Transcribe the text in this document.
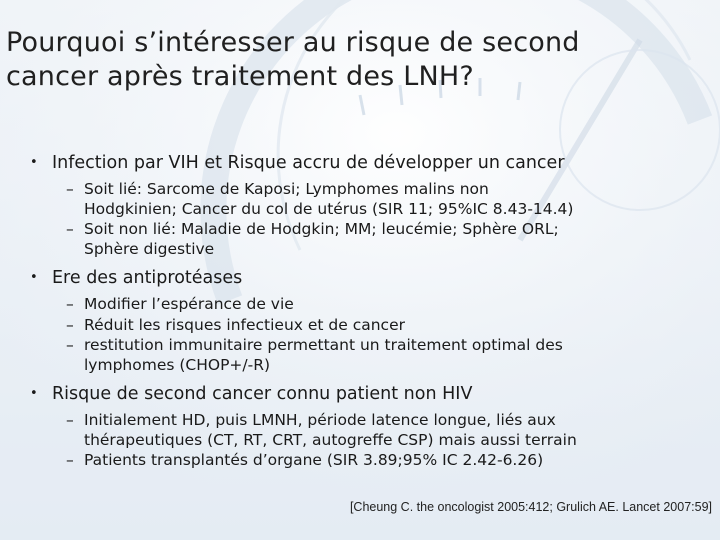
Pourquoi s’intéresser au risque de second
cancer après traitement des LNH?
• Infection par VIH et Risque accru de développer un cancer
– Soit lié: Sarcome de Kaposi; Lymphomes malins non
Hodgkinien; Cancer du col de utérus (SIR 11; 95%IC 8.43-14.4)
– Soit non lié: Maladie de Hodgkin; MM; leucémie; Sphère ORL;
Sphère digestive
• Ere des antiprotéases
– Modifier l’espérance de vie
– Réduit les risques infectieux et de cancer
– restitution immunitaire permettant un traitement optimal des
lymphomes (CHOP+/-R)
• Risque de second cancer connu patient non HIV
– Initialement HD, puis LMNH, période latence longue, liés aux
thérapeutiques (CT, RT, CRT, autogreffe CSP) mais aussi terrain
– Patients transplantés d’organe (SIR 3.89;95% IC 2.42-6.26)
[Cheung C. the oncologist 2005:412; Grulich AE. Lancet 2007:59]
